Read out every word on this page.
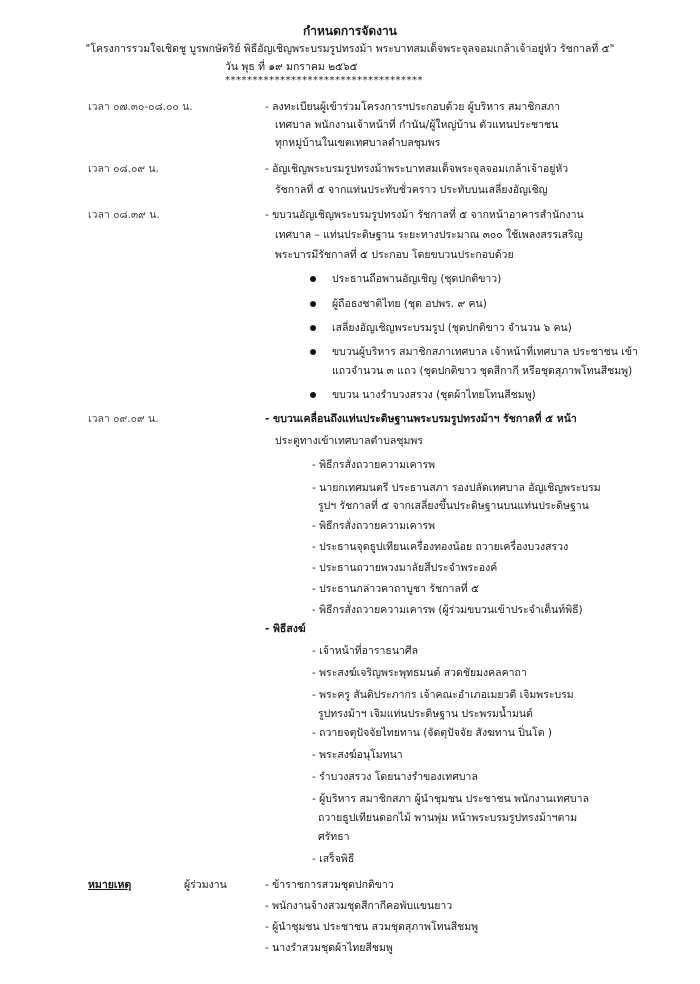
กำหนดการจัดงาน
"โครงการรวมใจเชิดชู บูรพกษัตริย์ พิธีอัญเชิญพระบรมรูปทรงม้า พระบาทสมเด็จพระจุลจอมเกล้าเจ้าอยู่หัว รัชกาลที่ ๕"
วัน พุธ ที่ ๑๙ มกราคม ๒๕๖๕
************************************
เวลา ๐๗.๓๐-๐๘.๐๐ น.	- ลงทะเบียนผู้เข้าร่วมโครงการฯประกอบด้วย ผู้บริหาร สมาชิกสภา
เทศบาล พนักงานเจ้าหน้าที่ กำนัน/ผู้ใหญ่บ้าน ตัวแทนประชาชน
ทุกหมู่บ้านในเขตเทศบาลตำบลชุมพร
เวลา ๐๘.๐๙ น.	- อัญเชิญพระบรมรูปทรงม้าพระบาทสมเด็จพระจุลจอมเกล้าเจ้าอยู่หัว
รัชกาลที่ ๕ จากแท่นประทับชั่วคราว ประทับบนเสลี่ยงอัญเชิญ
เวลา ๐๘.๓๙ น.	- ขบวนอัญเชิญพระบรมรูปทรงม้า รัชกาลที่ ๕ จากหน้าอาคารสำนักงาน
เทศบาล – แท่นประดิษฐาน ระยะทางประมาณ ๓๐๐ ใช้เพลงสรรเสริญ
พระบารมีรัชกาลที่ ๕ ประกอบ โดยขบวนประกอบด้วย
ประธานถือพานอัญเชิญ (ชุดปกติขาว)
ผู้ถือธงชาติไทย (ชุด อปพร. ๙ คน)
เสลี่ยงอัญเชิญพระบรมรูป (ชุดปกติขาว จำนวน ๖ คน)
ขบวนผู้บริหาร สมาชิกสภาเทศบาล เจ้าหน้าที่เทศบาล ประชาชน เข้า
แถวจำนวน ๓ แถว (ชุดปกติขาว ชุดสีกากี หรือชุดสุภาพโทนสีชมพู)
ขบวน นางรำบวงสรวง (ชุดผ้าไทยโทนสีชมพู)
เวลา ๐๙.๐๙ น.	- ขบวนเคลื่อนถึงแท่นประดิษฐานพระบรมรูปทรงม้าฯ รัชกาลที่ ๕ หน้า
ประตูทางเข้าเทศบาลตำบลชุมพร
- พิธีกรสั่งถวายความเคารพ
- นายกเทศมนตรี ประธานสภา รองปลัดเทศบาล อัญเชิญพระบรม
รูปฯ รัชกาลที่ ๕ จากเสลี่ยงขึ้นประดิษฐานบนแท่นประดิษฐาน
- พิธีกรสั่งถวายความเคารพ
- ประธานจุดธูปเทียนเครื่องทองน้อย ถวายเครื่องบวงสรวง
- ประธานถวายพวงมาลัยสีประจำพระองค์
- ประธานกล่าวคาถาบูชา รัชกาลที่ ๕
- พิธีกรสั่งถวายความเคารพ (ผู้ร่วมขบวนเข้าประจำเต็นท์พิธี)
- พิธีสงฆ์
- เจ้าหน้าที่อาราธนาศีล
- พระสงฆ์เจริญพระพุทธมนต์ สวดชัยมงคลคาถา
- พระครู สันติประภากร เจ้าคณะอำเภอเมยวดี เจิมพระบรม
รูปทรงม้าฯ เจิมแท่นประดิษฐาน ประพรมน้ำมนต์
- ถวายจตุปัจจัยไทยทาน (จัดตุปัจจัย สังฆทาน ปิ่นโต )
- พระสงฆ์อนุโมทนา
- รำบวงสรวง โดยนางรำของเทศบาล
- ผู้บริหาร สมาชิกสภา ผู้นำชุมชน ประชาชน พนักงานเทศบาล
ถวายธูปเทียนดอกไม้ พานพุ่ม หน้าพระบรมรูปทรงม้าฯตาม
ศรัทธา
- เสร็จพิธี
หมายเหตุ	ผู้ร่วมงาน	- ข้าราชการสวมชุดปกติขาว
- พนักงานจ้างสวมชุดสีกากีคอพับแขนยาว
- ผู้นำชุมชน ประชาชน สวมชุดสุภาพโทนสีชมพู
- นางรำสวมชุดผ้าไทยสีชมพู
